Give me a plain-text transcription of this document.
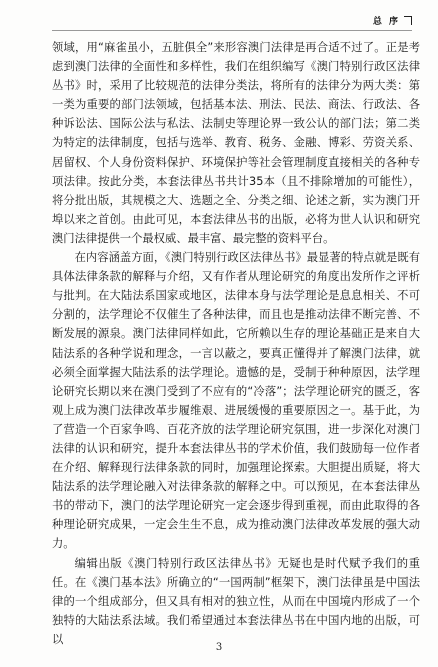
总 序

领域，用“麻雀虽小，五脏俱全”来形容澳门法律是再合适不过了。正是考虑到澳门法律的全面性和多样性，我们在组织编写《澳门特别行政区法律丛书》时，采用了比较规范的法律分类法，将所有的法律分为两大类：第一类为重要的部门法领域，包括基本法、刑法、民法、商法、行政法、各种诉讼法、国际公法与私法、法制史等理论界一致公认的部门法；第二类为特定的法律制度，包括与选举、教育、税务、金融、博彩、劳资关系、居留权、个人身份资料保护、环境保护等社会管理制度直接相关的各种专项法律。按此分类，本套法律丛书共计35本（且不排除增加的可能性），将分批出版，其规模之大、选题之全、分类之细、论述之新，实为澳门开埠以来之首创。由此可见，本套法律丛书的出版，必将为世人认识和研究澳门法律提供一个最权威、最丰富、最完整的资料平台。

在内容涵盖方面，《澳门特别行政区法律丛书》最显著的特点就是既有具体法律条款的解释与介绍，又有作者从理论研究的角度出发所作之评析与批判。在大陆法系国家或地区，法律本身与法学理论是息息相关、不可分割的，法学理论不仅催生了各种法律，而且也是推动法律不断完善、不断发展的源泉。澳门法律同样如此，它所赖以生存的理论基础正是来自大陆法系的各种学说和理念，一言以蔽之，要真正懂得并了解澳门法律，就必须全面掌握大陆法系的法学理论。遗憾的是，受制于种种原因，法学理论研究长期以来在澳门受到了不应有的“冷落”；法学理论研究的匮乏，客观上成为澳门法律改革步履维艰、进展缓慢的重要原因之一。基于此，为了营造一个百家争鸣、百花齐放的法学理论研究氛围，进一步深化对澳门法律的认识和研究，提升本套法律丛书的学术价值，我们鼓励每一位作者在介绍、解释现行法律条款的同时，加强理论探索。大胆提出质疑，将大陆法系的法学理论融入对法律条款的解释之中。可以预见，在本套法律丛书的带动下，澳门的法学理论研究一定会逐步得到重视，而由此取得的各种理论研究成果，一定会生生不息，成为推动澳门法律改革发展的强大动力。

编辑出版《澳门特别行政区法律丛书》无疑也是时代赋予我们的重任。在《澳门基本法》所确立的“一国两制”框架下，澳门法律虽是中国法律的一个组成部分，但又具有相对的独立性，从而在中国境内形成了一个独特的大陆法系法域。我们希望通过本套法律丛书在中国内地的出版，可以

3
